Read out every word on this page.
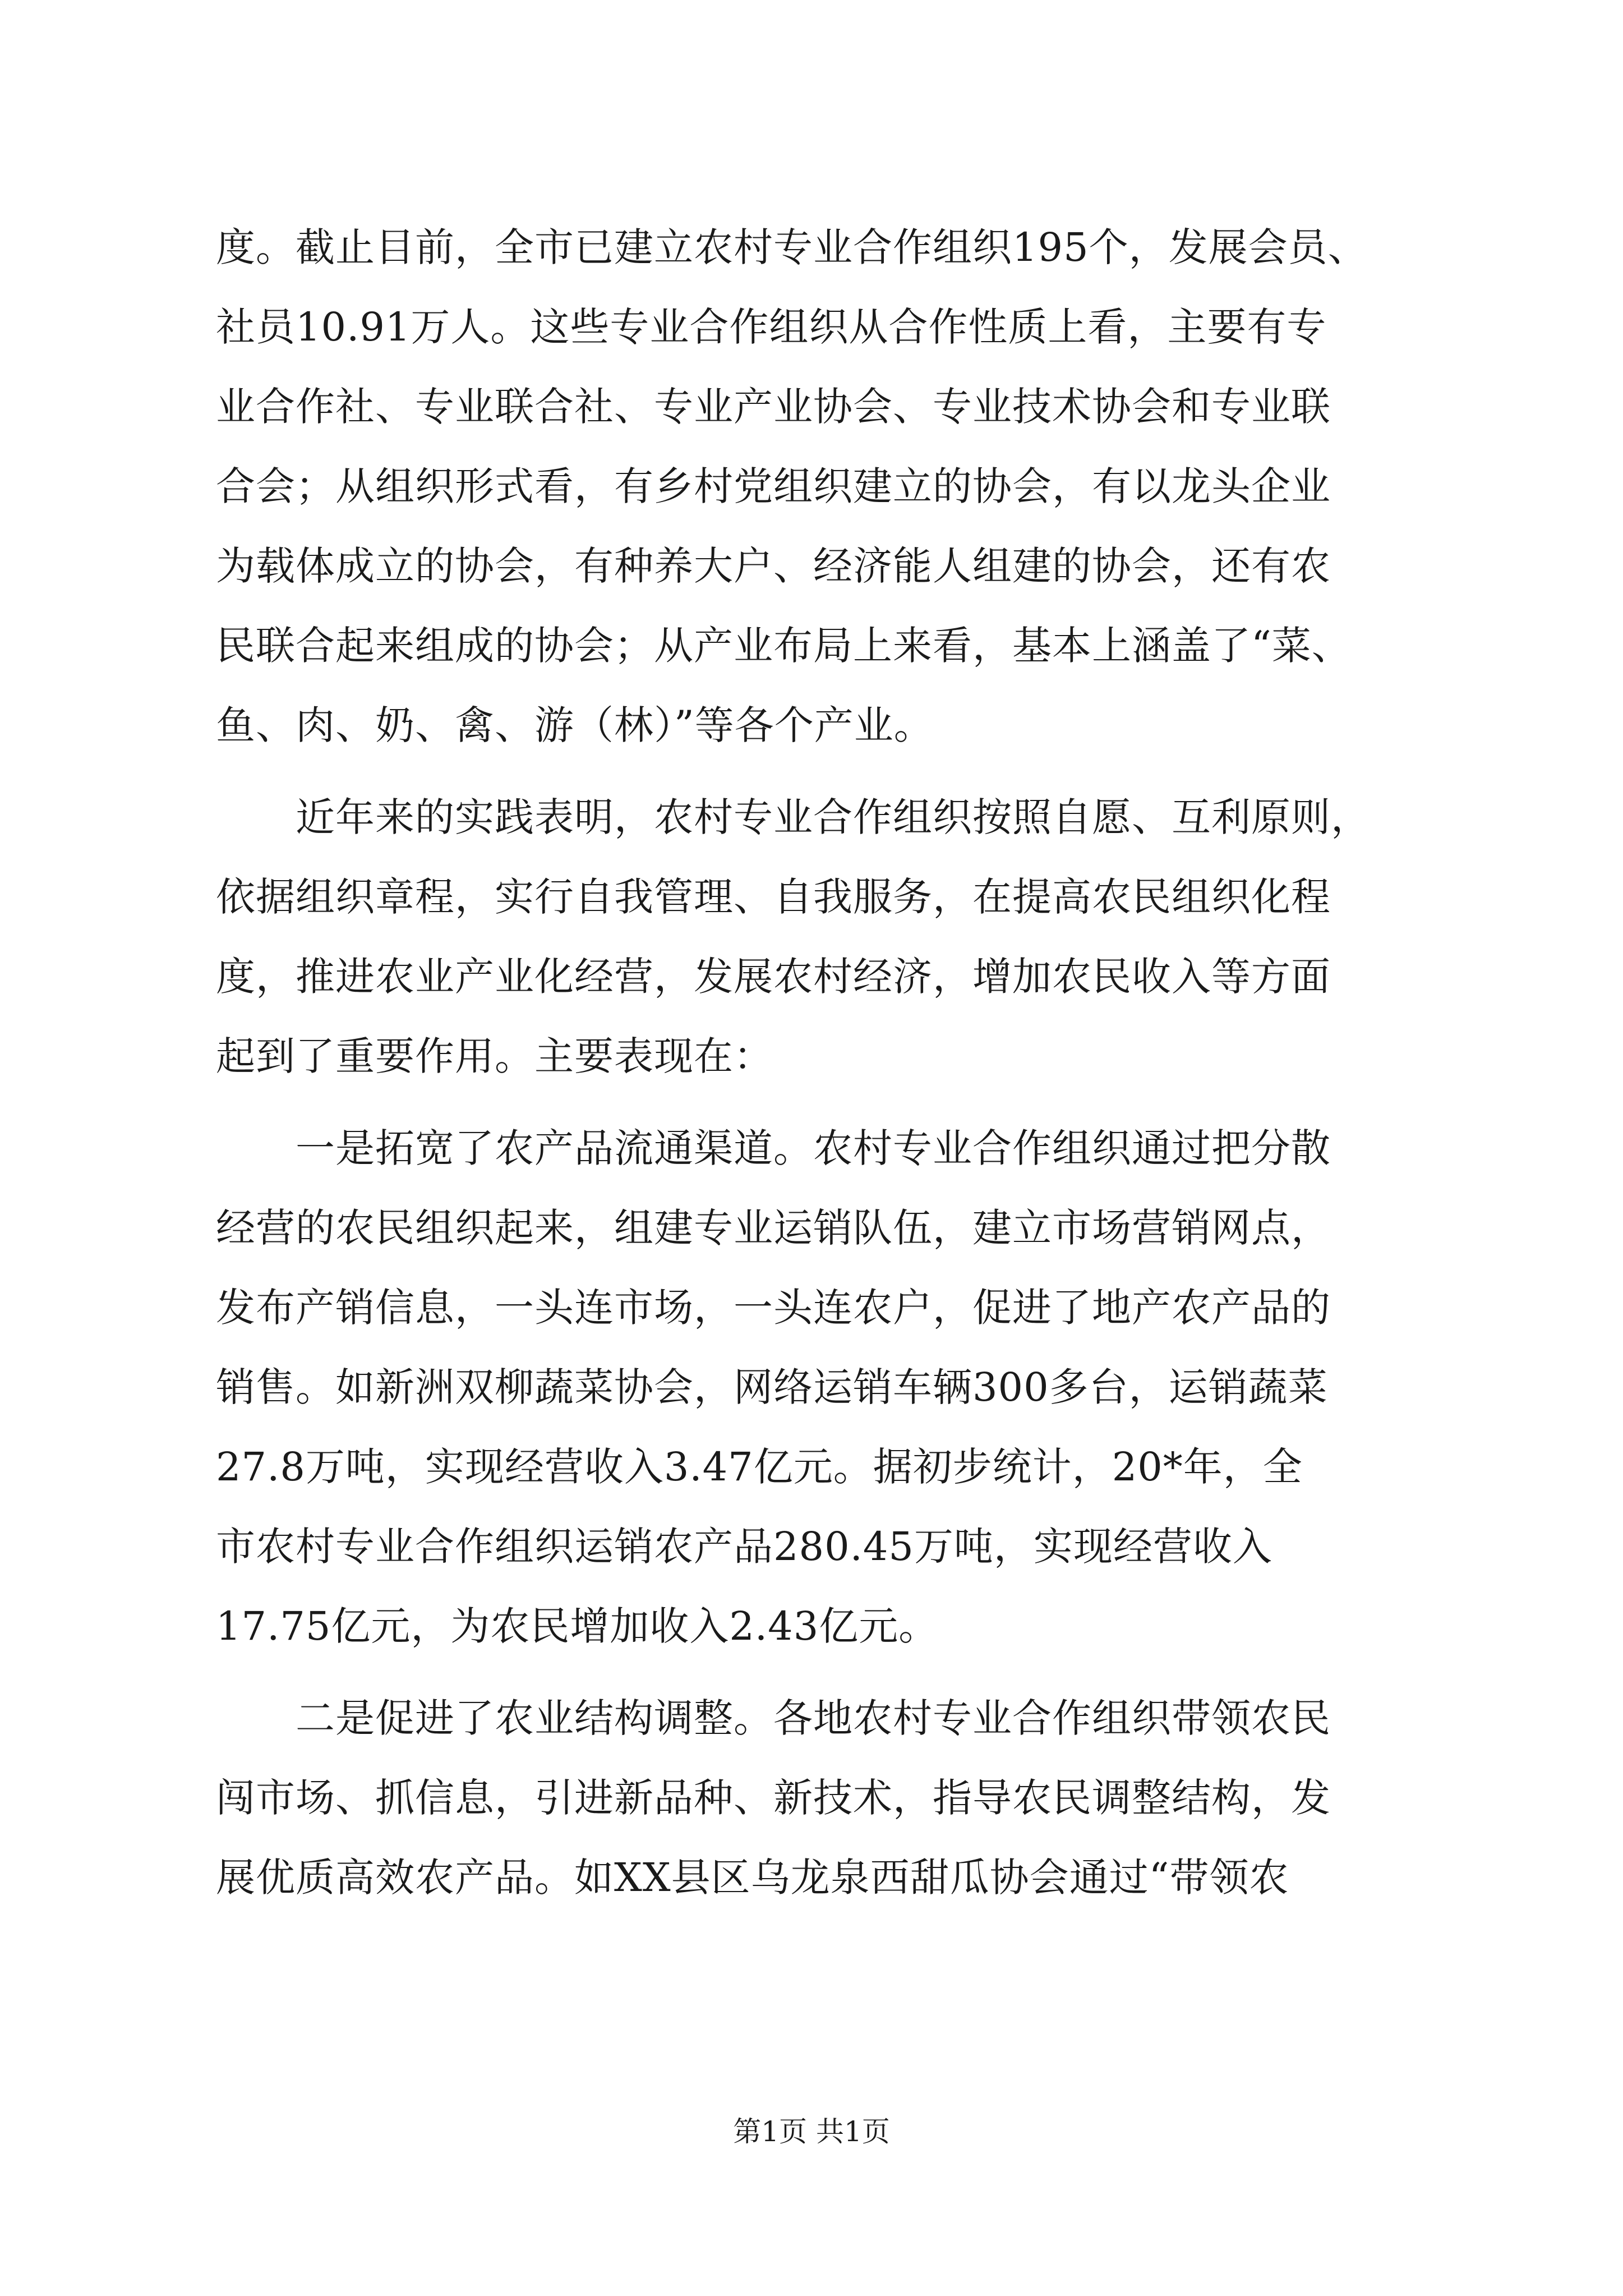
度。截止目前，全市已建立农村专业合作组织195个，发展会员、
社员10.91万人。这些专业合作组织从合作性质上看，主要有专
业合作社、专业联合社、专业产业协会、专业技术协会和专业联
合会；从组织形式看，有乡村党组织建立的协会，有以龙头企业
为载体成立的协会，有种养大户、经济能人组建的协会，还有农
民联合起来组成的协会；从产业布局上来看，基本上涵盖了“菜、
鱼、肉、奶、禽、游（林）”等各个产业。
　　近年来的实践表明，农村专业合作组织按照自愿、互利原则，
依据组织章程，实行自我管理、自我服务，在提高农民组织化程
度，推进农业产业化经营，发展农村经济，增加农民收入等方面
起到了重要作用。主要表现在：
　　一是拓宽了农产品流通渠道。农村专业合作组织通过把分散
经营的农民组织起来，组建专业运销队伍，建立市场营销网点，
发布产销信息，一头连市场，一头连农户，促进了地产农产品的
销售。如新洲双柳蔬菜协会，网络运销车辆300多台，运销蔬菜
27.8万吨，实现经营收入3.47亿元。据初步统计，20*年，全
市农村专业合作组织运销农产品280.45万吨，实现经营收入
17.75亿元，为农民增加收入2.43亿元。
　　二是促进了农业结构调整。各地农村专业合作组织带领农民
闯市场、抓信息，引进新品种、新技术，指导农民调整结构，发
展优质高效农产品。如XX县区乌龙泉西甜瓜协会通过“带领农
第1页 共1页
